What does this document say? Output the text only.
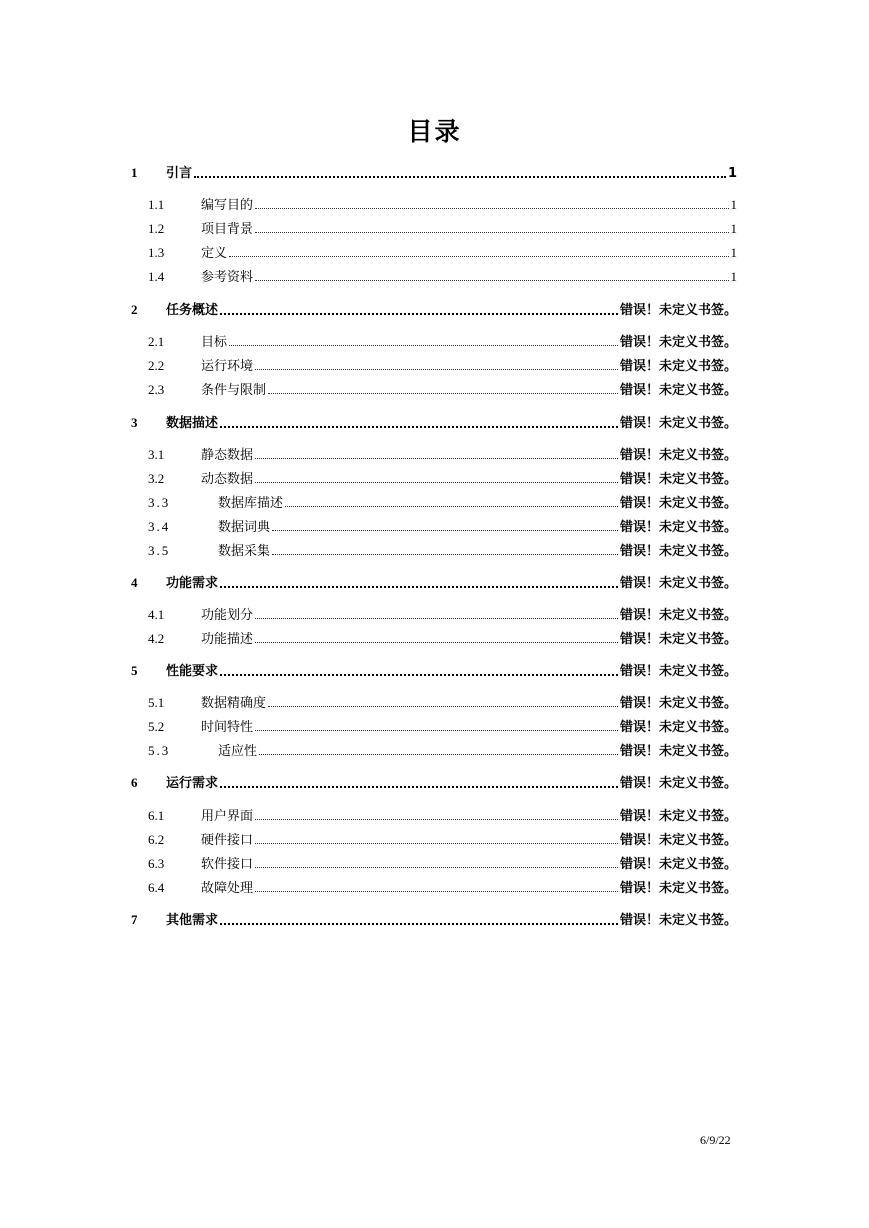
目录
1 引言	1
1.1	编写目的	1
1.2	项目背景	1
1.3	定义	1
1.4	参考资料	1
2 任务概述	错误！未定义书签。
2.1	目标	错误！未定义书签。
2.2	运行环境	错误！未定义书签。
2.3	条件与限制	错误！未定义书签。
3 数据描述	错误！未定义书签。
3.1	静态数据	错误！未定义书签。
3.2	动态数据	错误！未定义书签。
3.3	数据库描述	错误！未定义书签。
3.4	数据词典	错误！未定义书签。
3.5	数据采集	错误！未定义书签。
4 功能需求	错误！未定义书签。
4.1	功能划分	错误！未定义书签。
4.2	功能描述	错误！未定义书签。
5 性能要求	错误！未定义书签。
5.1	数据精确度	错误！未定义书签。
5.2	时间特性	错误！未定义书签。
5.3	适应性	错误！未定义书签。
6 运行需求	错误！未定义书签。
6.1	用户界面	错误！未定义书签。
6.2	硬件接口	错误！未定义书签。
6.3	软件接口	错误！未定义书签。
6.4	故障处理	错误！未定义书签。
7 其他需求	错误！未定义书签。
6/9/22
